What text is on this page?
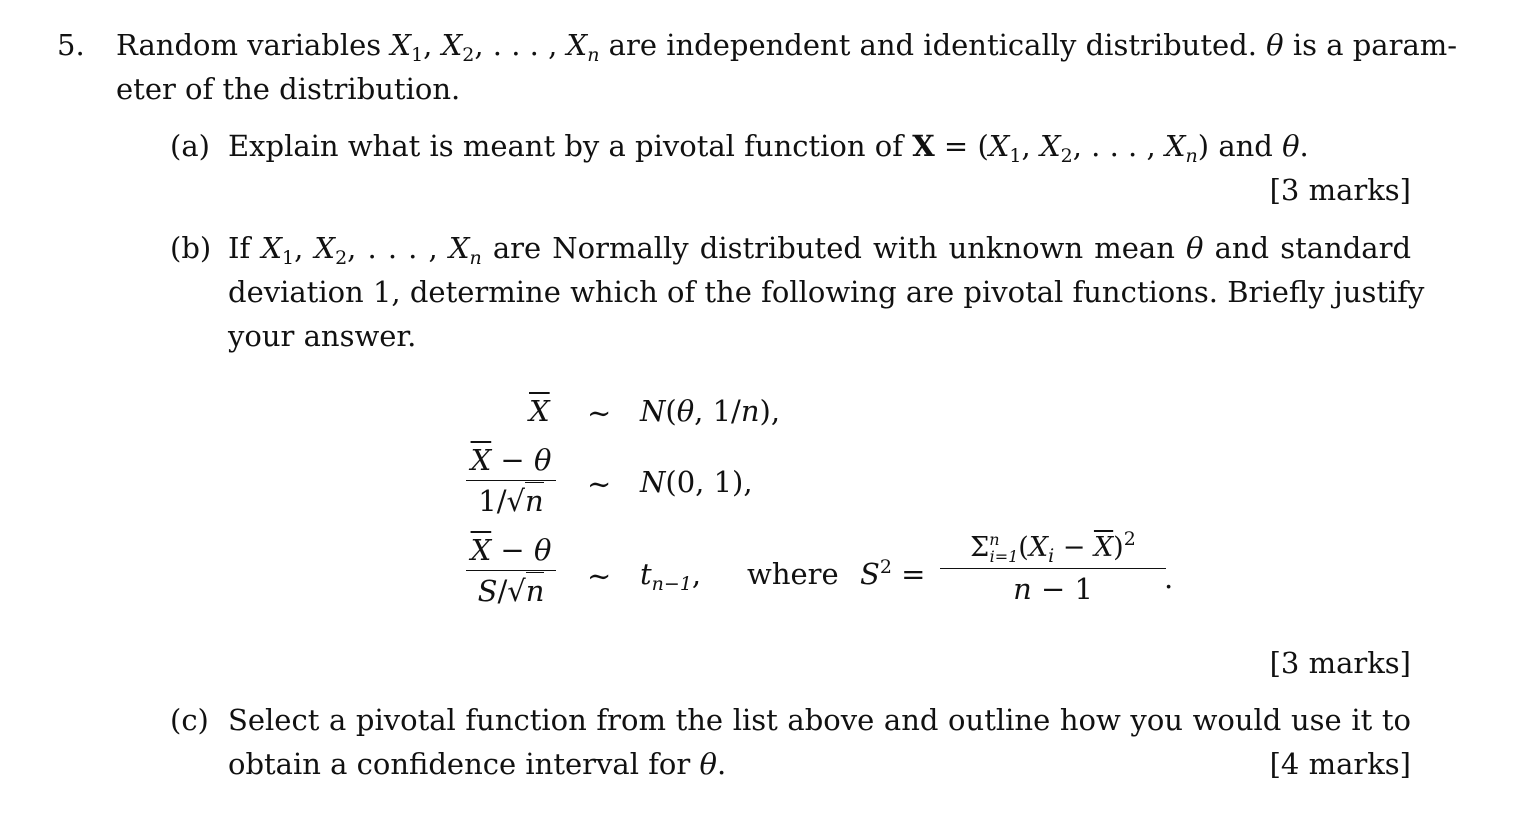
5. Random variables $X_1$, $X_2$, . . . , $X_n$ are independent and identically distributed. θ is a param-
eter of the distribution.
(a) Explain what is meant by a pivotal function of $X = (X_1$, $X_2$, . . . , $X_n$) and θ.
[3 marks]
(b) If $X_1$, $X_2$, . . . , $X_n$ are Normally distributed with unknown mean θ and standard
deviation 1, determine which of the following are pivotal functions. Briefly justify
your answer.
$\overline{X}$ ∼ N(θ, 1/n),
$\overline{X} - \theta$
1/√n	∼ N(0, 1),
$\overline{X} - \theta$
S/√n	∼ $t_{n-1}$, where $S^2$ =
$\Sigma^n_{i=1}(X_i - \overline{X})^2$
n − 1	.
[3 marks]
(c) Select a pivotal function from the list above and outline how you would use it to
obtain a confidence interval for θ.	[4 marks]
